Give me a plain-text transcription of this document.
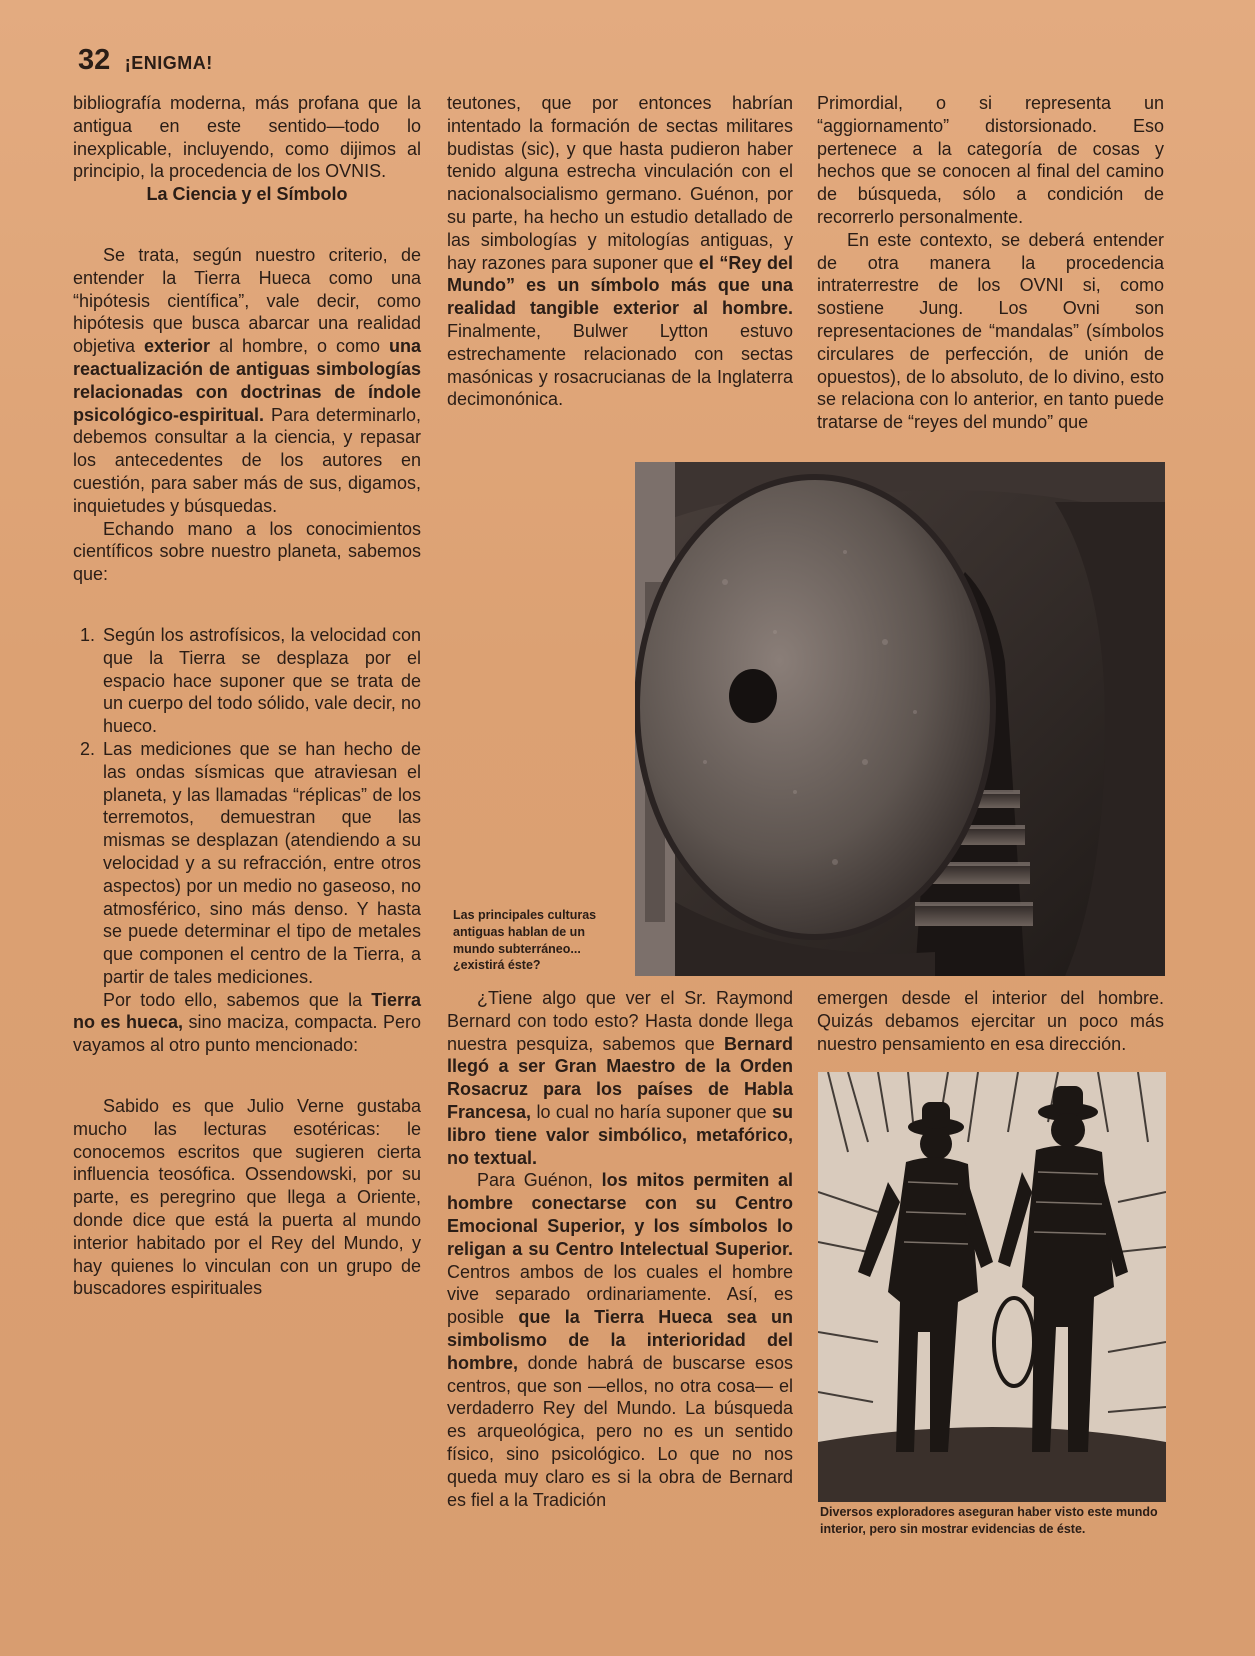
32 ¡ENIGMA!

bibliografía moderna, más profana que la antigua en este sentido—todo lo inexplicable, incluyendo, como dijimos al principio, la procedencia de los OVNIS.

La Ciencia y el Símbolo

Se trata, según nuestro criterio, de entender la Tierra Hueca como una “hipótesis científica”, vale decir, como hipótesis que busca abarcar una realidad objetiva exterior al hombre, o como una reactualización de antiguas simbologías relacionadas con doctrinas de índole psicológico-espiritual. Para determinarlo, debemos consultar a la ciencia, y repasar los antecedentes de los autores en cuestión, para saber más de sus, digamos, inquietudes y búsquedas.

Echando mano a los conocimientos científicos sobre nuestro planeta, sabemos que:

1. Según los astrofísicos, la velocidad con que la Tierra se desplaza por el espacio hace suponer que se trata de un cuerpo del todo sólido, vale decir, no hueco.
2. Las mediciones que se han hecho de las ondas sísmicas que atraviesan el planeta, y las llamadas “réplicas” de los terremotos, demuestran que las mismas se desplazan (atendiendo a su velocidad y a su refracción, entre otros aspectos) por un medio no gaseoso, no atmosférico, sino más denso. Y hasta se puede determinar el tipo de metales que componen el centro de la Tierra, a partir de tales mediciones.

Por todo ello, sabemos que la Tierra no es hueca, sino maciza, compacta. Pero vayamos al otro punto mencionado:

Sabido es que Julio Verne gustaba mucho las lecturas esotéricas: le conocemos escritos que sugieren cierta influencia teosófica. Ossendowski, por su parte, es peregrino que llega a Oriente, donde dice que está la puerta al mundo interior habitado por el Rey del Mundo, y hay quienes lo vinculan con un grupo de buscadores espirituales

teutones, que por entonces habrían intentado la formación de sectas militares budistas (sic), y que hasta pudieron haber tenido alguna estrecha vinculación con el nacionalsocialismo germano. Guénon, por su parte, ha hecho un estudio detallado de las simbologías y mitologías antiguas, y hay razones para suponer que el “Rey del Mundo” es un símbolo más que una realidad tangible exterior al hombre. Finalmente, Bulwer Lytton estuvo estrechamente relacionado con sectas masónicas y rosacrucianas de la Inglaterra decimonónica.

Primordial, o si representa un “aggiornamento” distorsionado. Eso pertenece a la categoría de cosas y hechos que se conocen al final del camino de búsqueda, sólo a condición de recorrerlo personalmente.

En este contexto, se deberá entender de otra manera la procedencia intraterrestre de los OVNI si, como sostiene Jung. Los Ovni son representaciones de “mandalas” (símbolos circulares de perfección, de unión de opuestos), de lo absoluto, de lo divino, esto se relaciona con lo anterior, en tanto puede tratarse de “reyes del mundo” que

Las principales culturas antiguas hablan de un mundo subterráneo... ¿existirá éste?

¿Tiene algo que ver el Sr. Raymond Bernard con todo esto? Hasta donde llega nuestra pesquiza, sabemos que Bernard llegó a ser Gran Maestro de la Orden Rosacruz para los países de Habla Francesa, lo cual no haría suponer que su libro tiene valor simbólico, metafórico, no textual.

Para Guénon, los mitos permiten al hombre conectarse con su Centro Emocional Superior, y los símbolos lo religan a su Centro Intelectual Superior. Centros ambos de los cuales el hombre vive separado ordinariamente. Así, es posible que la Tierra Hueca sea un simbolismo de la interioridad del hombre, donde habrá de buscarse esos centros, que son —ellos, no otra cosa— el verdaderro Rey del Mundo. La búsqueda es arqueológica, pero no es un sentido físico, sino psicológico. Lo que no nos queda muy claro es si la obra de Bernard es fiel a la Tradición

emergen desde el interior del hombre. Quizás debamos ejercitar un poco más nuestro pensamiento en esa dirección.

Diversos exploradores aseguran haber visto este mundo interior, pero sin mostrar evidencias de éste.
